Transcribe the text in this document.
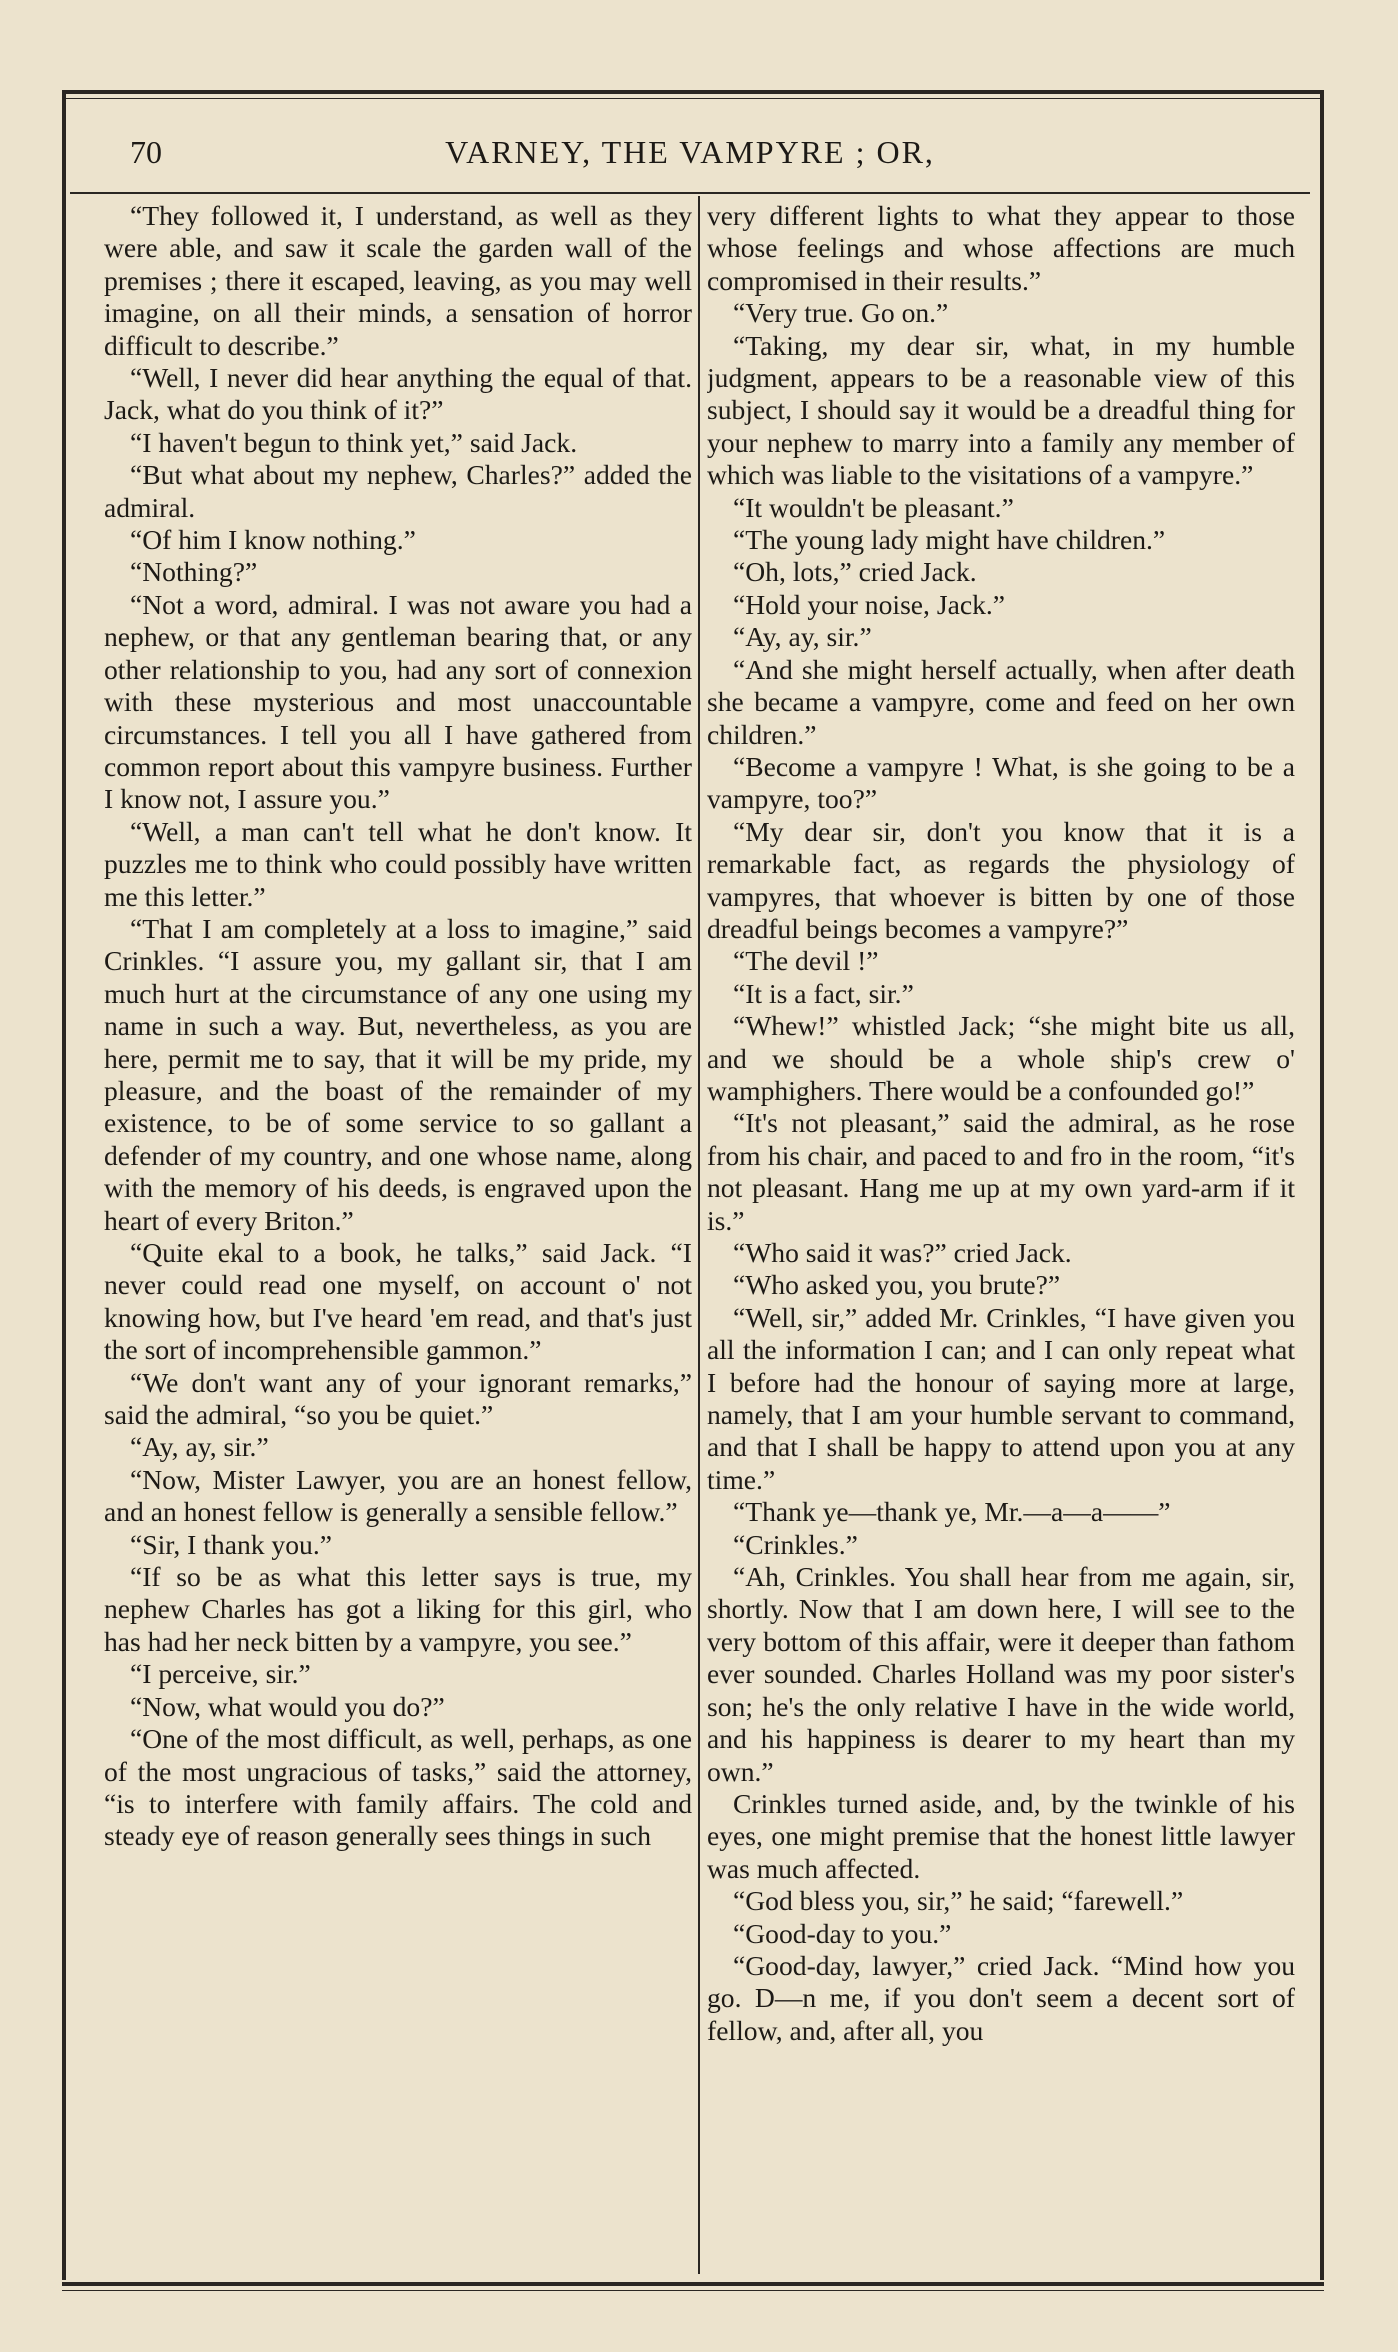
70	VARNEY, THE VAMPYRE ; OR,

“They followed it, I understand, as well as they were able, and saw it scale the garden wall of the premises ; there it escaped, leaving, as you may well imagine, on all their minds, a sensation of horror difficult to describe.”

“Well, I never did hear anything the equal of that. Jack, what do you think of it?”

“I haven't begun to think yet,” said Jack.

“But what about my nephew, Charles?” added the admiral.

“Of him I know nothing.”

“Nothing?”

“Not a word, admiral. I was not aware you had a nephew, or that any gentleman bearing that, or any other relationship to you, had any sort of connexion with these mysterious and most unaccountable circumstances. I tell you all I have gathered from common report about this vampyre business. Further I know not, I assure you.”

“Well, a man can't tell what he don't know. It puzzles me to think who could possibly have written me this letter.”

“That I am completely at a loss to imagine,” said Crinkles. “I assure you, my gallant sir, that I am much hurt at the circumstance of any one using my name in such a way. But, nevertheless, as you are here, permit me to say, that it will be my pride, my pleasure, and the boast of the remainder of my existence, to be of some service to so gallant a defender of my country, and one whose name, along with the memory of his deeds, is engraved upon the heart of every Briton.”

“Quite ekal to a book, he talks,” said Jack. “I never could read one myself, on account o' not knowing how, but I've heard 'em read, and that's just the sort of incomprehensible gammon.”

“We don't want any of your ignorant remarks,” said the admiral, “so you be quiet.”

“Ay, ay, sir.”

“Now, Mister Lawyer, you are an honest fellow, and an honest fellow is generally a sensible fellow.”

“Sir, I thank you.”

“If so be as what this letter says is true, my nephew Charles has got a liking for this girl, who has had her neck bitten by a vampyre, you see.”

“I perceive, sir.”

“Now, what would you do?”

“One of the most difficult, as well, perhaps, as one of the most ungracious of tasks,” said the attorney, “is to interfere with family affairs. The cold and steady eye of reason generally sees things in such

very different lights to what they appear to those whose feelings and whose affections are much compromised in their results.”

“Very true. Go on.”

“Taking, my dear sir, what, in my humble judgment, appears to be a reasonable view of this subject, I should say it would be a dreadful thing for your nephew to marry into a family any member of which was liable to the visitations of a vampyre.”

“It wouldn't be pleasant.”

“The young lady might have children.”

“Oh, lots,” cried Jack.

“Hold your noise, Jack.”

“Ay, ay, sir.”

“And she might herself actually, when after death she became a vampyre, come and feed on her own children.”

“Become a vampyre ! What, is she going to be a vampyre, too?”

“My dear sir, don't you know that it is a remarkable fact, as regards the physiology of vampyres, that whoever is bitten by one of those dreadful beings becomes a vampyre?”

“The devil !”

“It is a fact, sir.”

“Whew!” whistled Jack; “she might bite us all, and we should be a whole ship's crew o' wamphighers. There would be a confounded go!”

“It's not pleasant,” said the admiral, as he rose from his chair, and paced to and fro in the room, “it's not pleasant. Hang me up at my own yard-arm if it is.”

“Who said it was?” cried Jack.

“Who asked you, you brute?”

“Well, sir,” added Mr. Crinkles, “I have given you all the information I can; and I can only repeat what I before had the honour of saying more at large, namely, that I am your humble servant to command, and that I shall be happy to attend upon you at any time.”

“Thank ye—thank ye, Mr.—a—a——”

“Crinkles.”

“Ah, Crinkles. You shall hear from me again, sir, shortly. Now that I am down here, I will see to the very bottom of this affair, were it deeper than fathom ever sounded. Charles Holland was my poor sister's son; he's the only relative I have in the wide world, and his happiness is dearer to my heart than my own.”

Crinkles turned aside, and, by the twinkle of his eyes, one might premise that the honest little lawyer was much affected.

“God bless you, sir,” he said; “farewell.”

“Good-day to you.”

“Good-day, lawyer,” cried Jack. “Mind how you go. D—n me, if you don't seem a decent sort of fellow, and, after all, you
